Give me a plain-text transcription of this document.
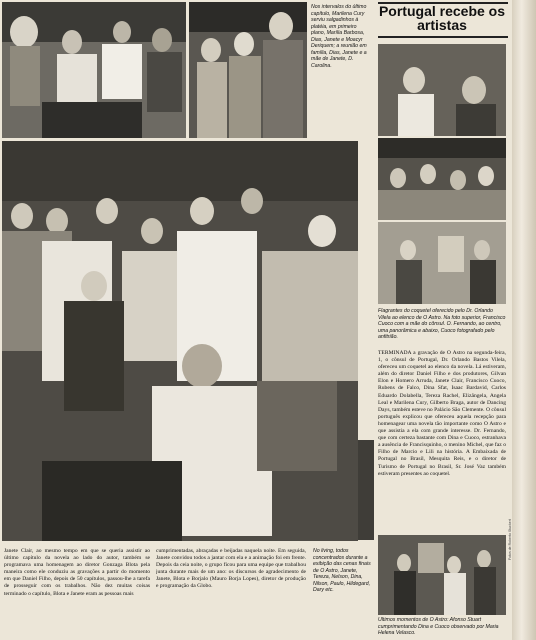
Nos intervalos do último capítulo, Marilena Cury serviu salgadinhos à platéia, em primeiro plano, Marília Barbosa, Dias, Janete e Moacyr Deriquem; a reunião em família, Dias, Janete e a mãe de Janete, D. Carolina.
No living, todos concentrados durante a exibição das cenas finais de O Astro, Janete, Tereza, Nelson, Dina, Nilson, Paulo, Hildegard, Dary etc.
Janete Clair, ao mesmo tempo em que se queria assistir ao último capítulo da novela ao lado do autor, também se programava uma homenagem ao diretor Gonzaga Blota pela maneira como ele conduziu as gravações a partir do momento em que Daniel Filho, depois de 50 capítulos, passou-lhe a tarefa de prosseguir com os trabalhos. Não dez muitas coisas terminado o capítulo, Blota e Janete eram as pessoas mais
cumprimentadas, abraçadas e beijadas naquela noite. Em seguida, Janete convidou todos a jantar com ela e a animação foi em frente. Depois da ceia noite, o grupo ficou para uma equipe que trabalhou junta durante mais de um ano: os discursos de agradecimento de Janete, Blota e Borjalo (Mauro Borja Lopes), diretor de produção e programação da Globo.
Portugal recebe os artistas
Flagrantes do coquetel oferecido pelo Dr. Orlando Vilela ao elenco de O Astro. Na foto superior, Francisco Cuoco com a mãe do cônsul. O. Fernando, ao centro, uma panorâmica e abaixo, Cuoco fotografado pelo anfitrião.
TERMINADA a gravação de O Astro na segunda-feira, 1, o cônsul de Portugal, Dr. Orlando Bastos Vilela, ofereceu um coquetel ao elenco da novela. Lá estiveram, além do diretor Daniel Filho e dos produtores, Gilvan Elon e Homero Arruda, Janete Clair, Francisco Cuoco, Rubens de Falco, Dina Sfat, Isaac Bardavid, Carlos Eduardo Dolabella, Tereza Rachel, Elizângela, Angela Leal e Marilena Cury, Gilberto Braga, autor de Dancing Days, também esteve no Palácio São Clemente. O cônsul português explicou que ofereceu aquela recepção para homenagear uma novela tão importante como O Astro e que assistia a ela com grande interesse. Dr. Fernando, que com certeza bastante com Dina e Cuoco, estranhava a ausência de Francisquinho, o menino Michel, que faz o Filho de Marcio e Lili na história. A Embaixada de Portugal no Brasil, Mesquita Reis, e o diretor de Turismo de Portugal no Brasil, Sr. José Vaz também estiveram presentes ao coquetel.
Últimos momentos de O Astro: Afonso Stuart cumprimentando Dina e Cuoco observado por Maria Helena Velasco.
Fotos de Roberto Stuckert
